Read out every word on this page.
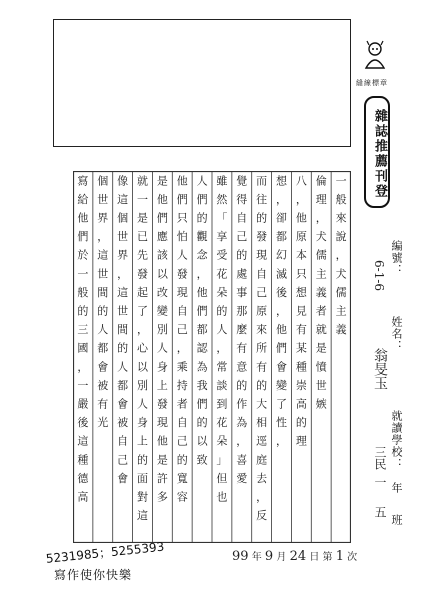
縫線標章
雜誌推薦刊登
一
般
來
說
，
犬
儒
主
義
倫
理
，
犬
儒
主
義
者
就
是
憤
世
嫉
八
，
他
原
本
只
想
見
有
某
種
崇
高
的
理
想
，
卻
都
幻
滅
後
，
他
們
會
變
了
性
，
而
往
的
發
現
自
己
原
來
所
有
的
大
相
逕
庭
去
，
反
覺
得
自
己
的
處
事
那
麼
有
意
的
作
為
，
喜
愛
雖
然
「
享
受
花
朵
的
人
，
常
談
到
花
朵
」
但
也
人
們
的
觀
念
，
他
們
都
認
為
我
們
的
以
致
他
們
只
怕
人
發
現
自
己
，
乘
持
者
自
己
的
寬
容
是
他
們
應
該
以
改
變
別
人
身
上
發
現
他
是
許
多
就
一
是
已
先
發
起
了
，
心
以
別
人
身
上
的
面
對
這
像
這
個
世
界
，
這
世
間
的
人
都
會
被
自
己
會
個
世
界
，
這
世
間
的
人
都
會
被
有
光
寫
給
他
們
於
一
般
的
三
國
，
一
嚴
後
這
種
德
高
編號：
6-1-6
姓名：
翁旻玉
就讀學校：
三民
一 年
五
班
99 年 9 月 24 日 第 1 次
5231985；5255393
寫作使你快樂
